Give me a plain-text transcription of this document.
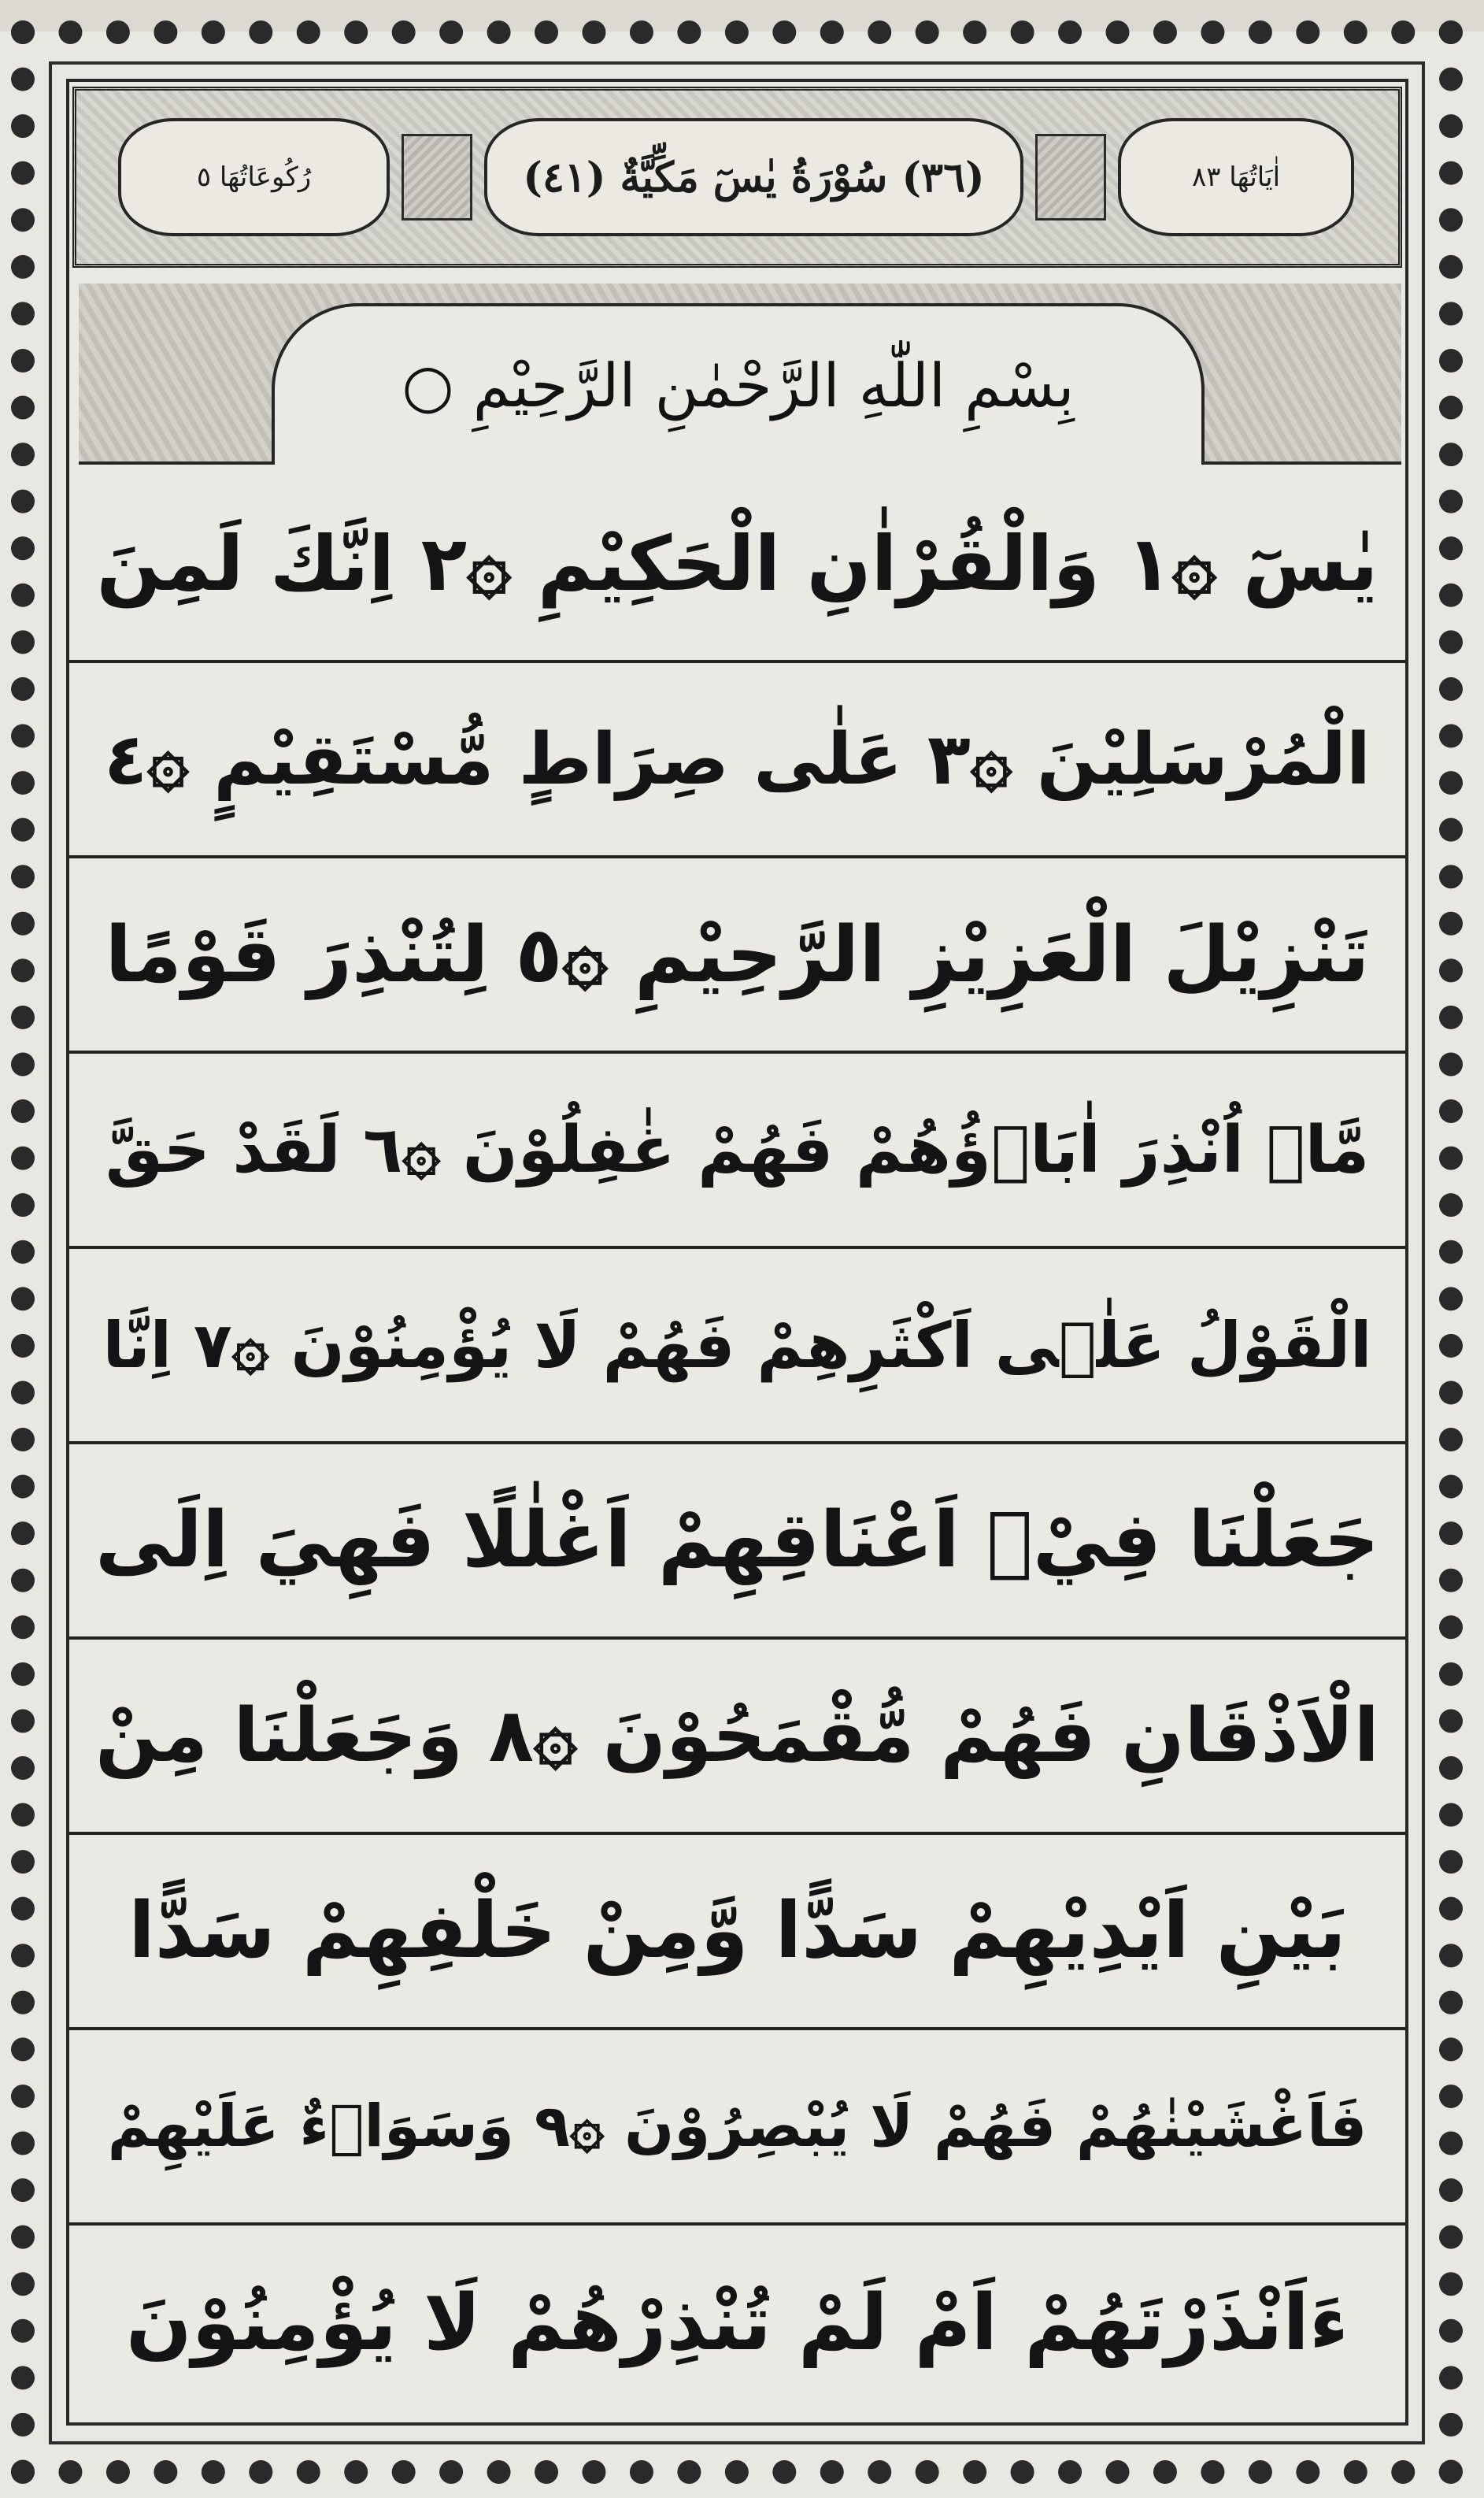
رُكُوعَاتُهَا ٥	(٣٦) سُوْرَةُ يٰسٓ مَكِّيَّةٌ (٤١)	اٰيَاتُهَا ٨٣
بِسْمِ اللّٰهِ الرَّحْمٰنِ الرَّحِيْمِ ○
يٰسٓ ۞١ وَالْقُرْاٰنِ الْحَكِيْمِ ۞٢ اِنَّكَ لَمِنَ
الْمُرْسَلِيْنَ ۞٣ عَلٰى صِرَاطٍ مُّسْتَقِيْمٍ ۞٤
تَنْزِيْلَ الْعَزِيْزِ الرَّحِيْمِ ۞٥ لِتُنْذِرَ قَوْمًا
مَّاۤ اُنْذِرَ اٰبَاۤؤُهُمْ فَهُمْ غٰفِلُوْنَ ۞٦ لَقَدْ حَقَّ
الْقَوْلُ عَلٰۤى اَكْثَرِهِمْ فَهُمْ لَا يُؤْمِنُوْنَ ۞٧ اِنَّا
جَعَلْنَا فِيْۤ اَعْنَاقِهِمْ اَغْلٰلًا فَهِيَ اِلَى
الْاَذْقَانِ فَهُمْ مُّقْمَحُوْنَ ۞٨ وَجَعَلْنَا مِنْ
بَيْنِ اَيْدِيْهِمْ سَدًّا وَّمِنْ خَلْفِهِمْ سَدًّا
فَاَغْشَيْنٰهُمْ فَهُمْ لَا يُبْصِرُوْنَ ۞٩ وَسَوَاۤءٌ عَلَيْهِمْ
ءَاَنْذَرْتَهُمْ اَمْ لَمْ تُنْذِرْهُمْ لَا يُؤْمِنُوْنَ
